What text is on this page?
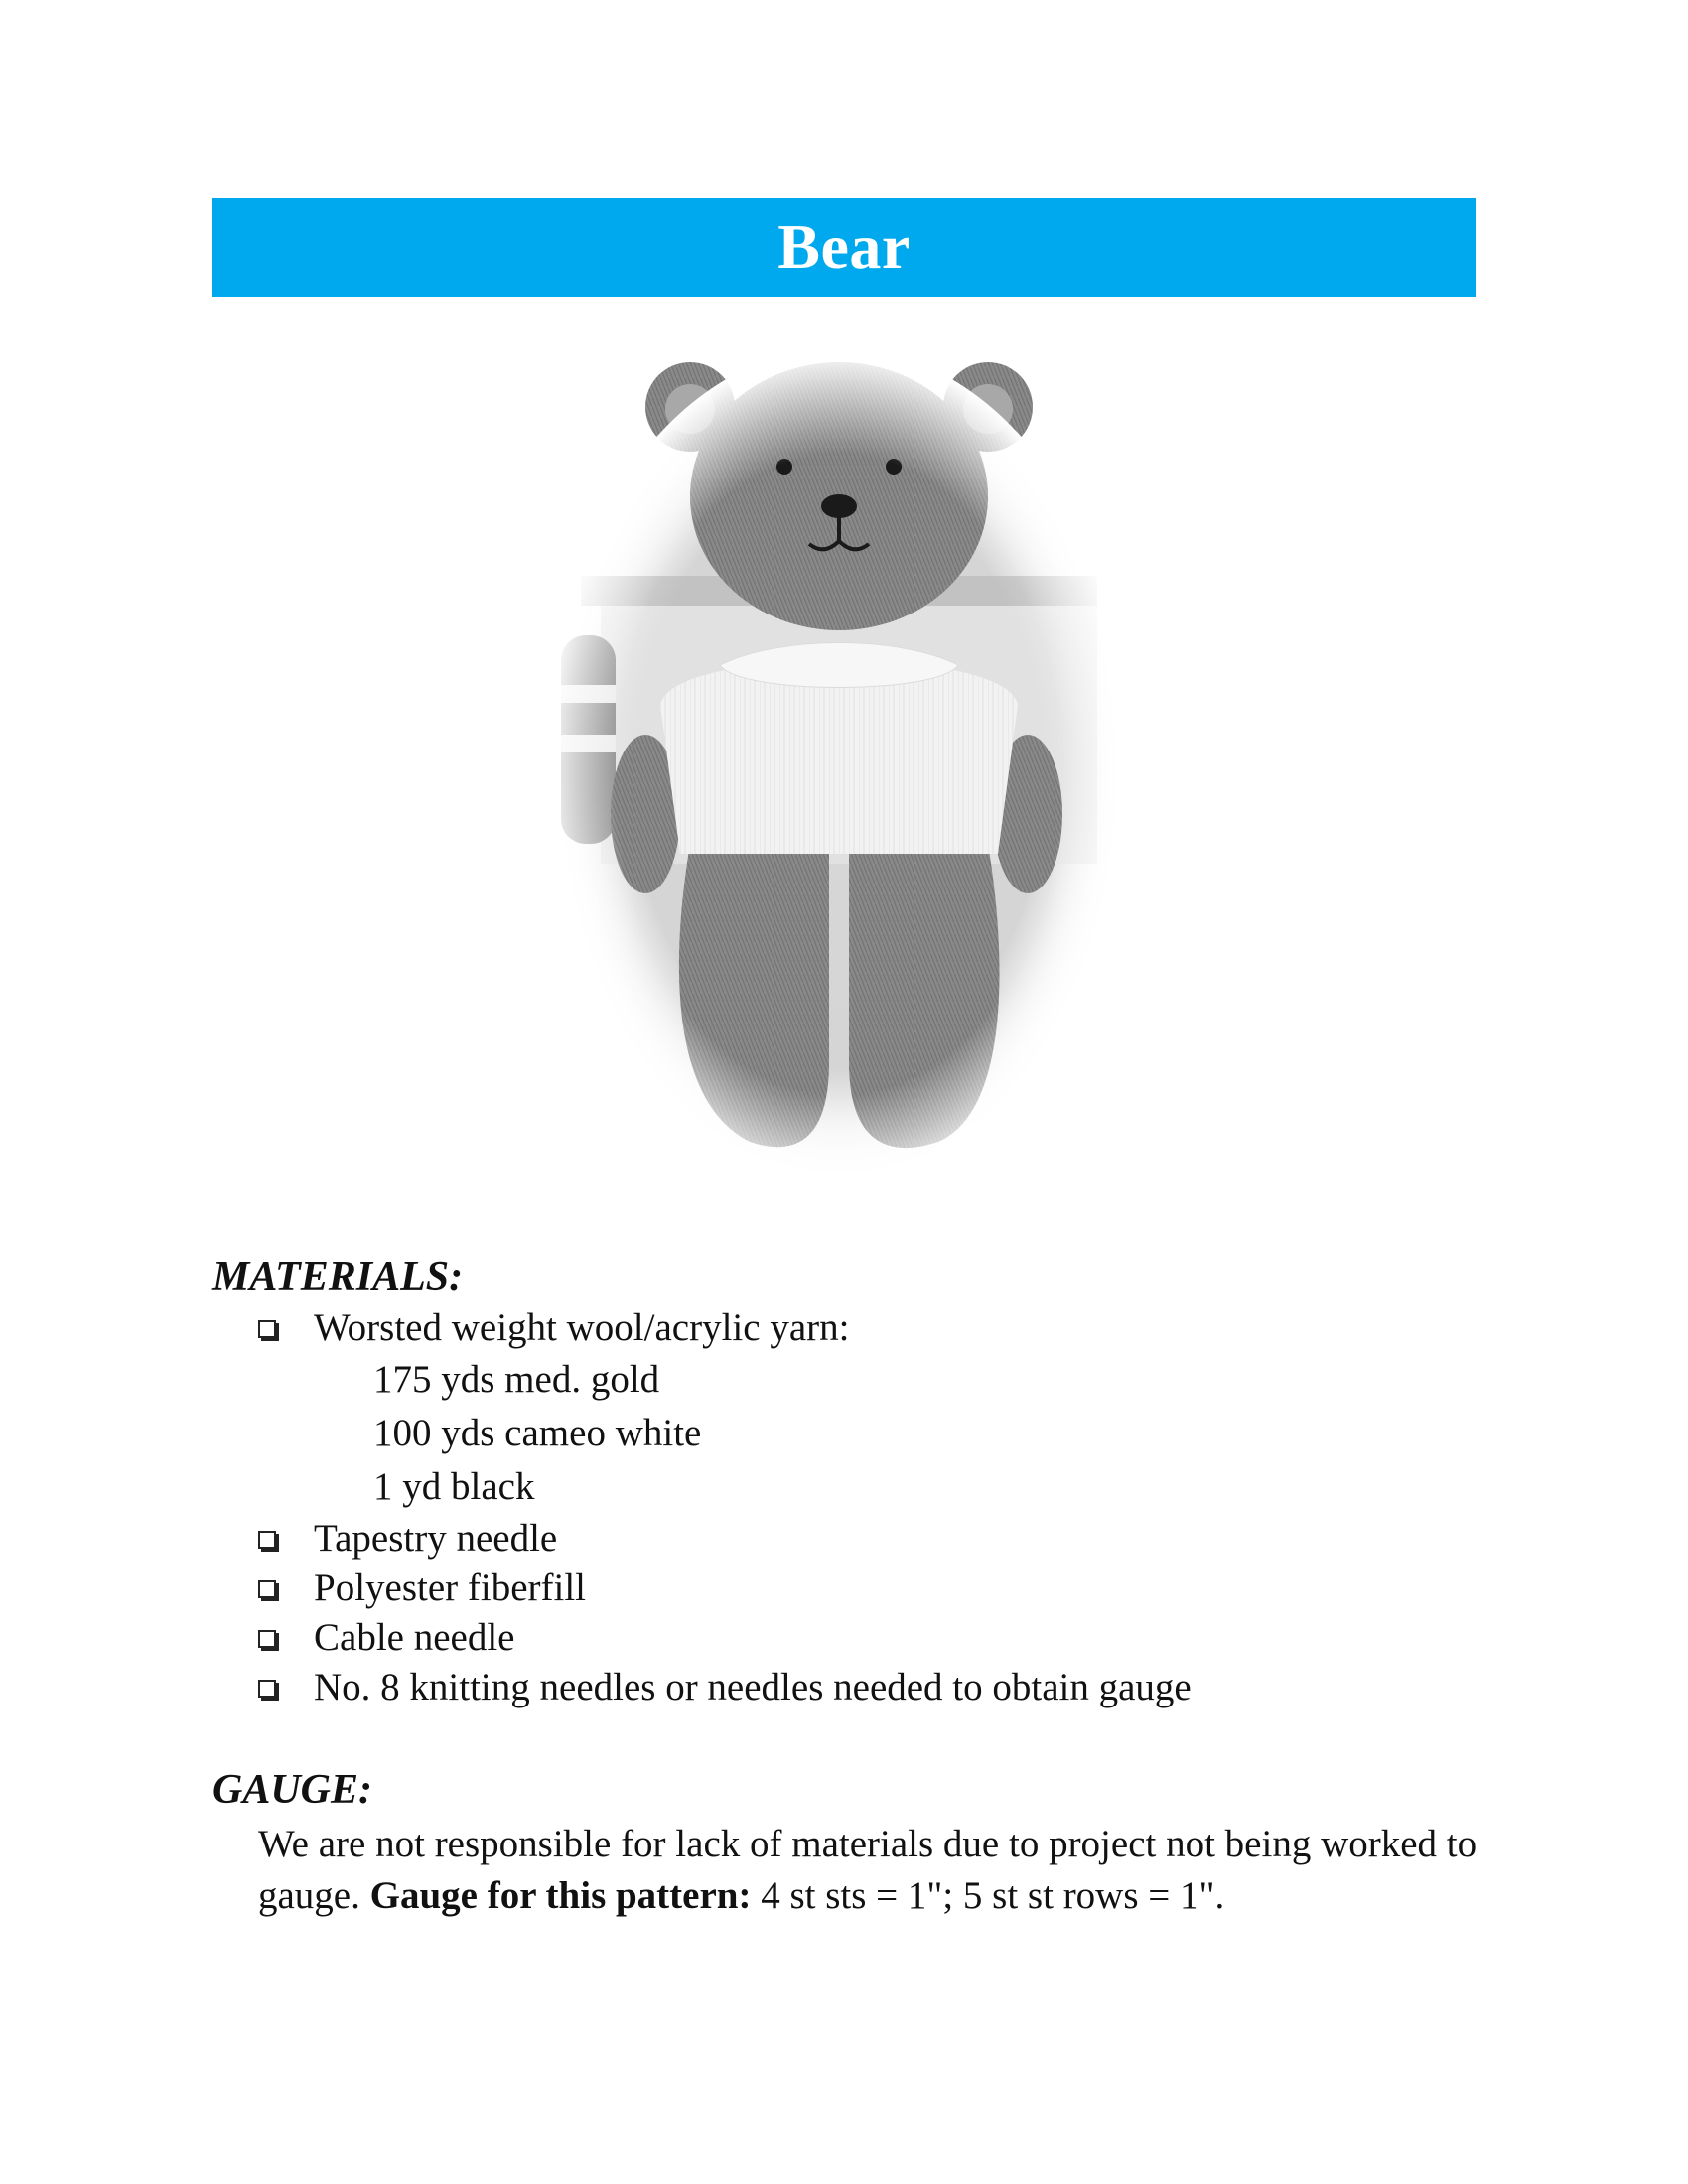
Bear
MATERIALS:
Worsted weight wool/acrylic yarn:
175 yds med. gold
100 yds cameo white
1 yd black
Tapestry needle
Polyester fiberfill
Cable needle
No. 8 knitting needles or needles needed to obtain gauge
GAUGE:

We are not responsible for lack of materials due to project not being worked to gauge. Gauge for this pattern: 4 st sts = 1"; 5 st st rows = 1".
